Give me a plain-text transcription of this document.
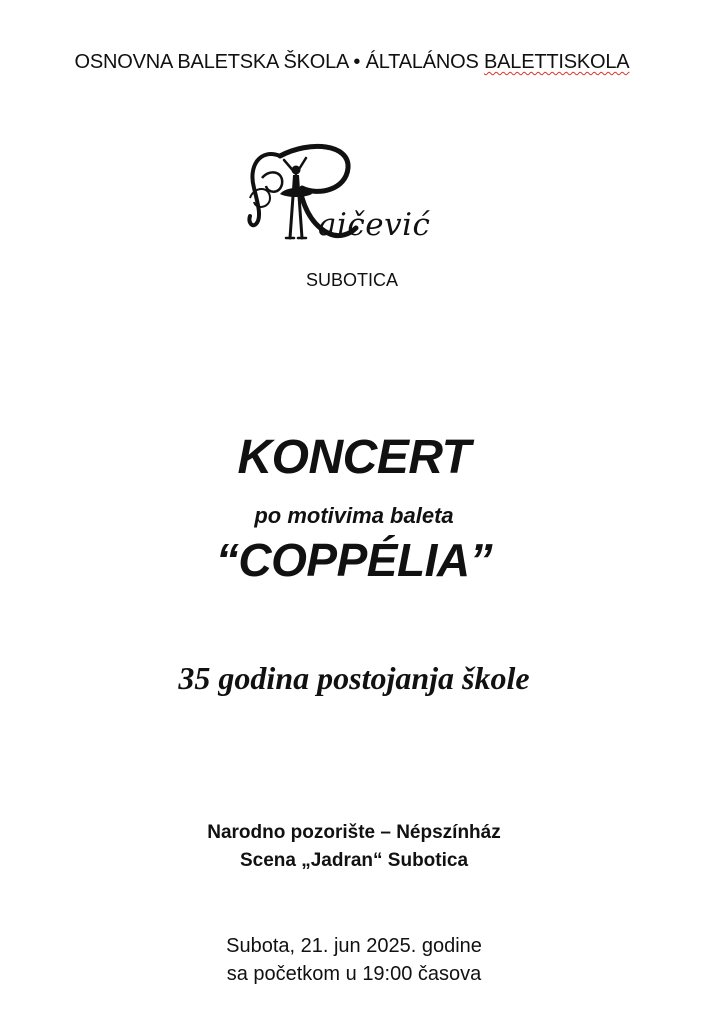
OSNOVNA BALETSKA ŠKOLA • ÁLTALÁNOS BALETTISKOLA
aičević
SUBOTICA
KONCERT
po motivima baleta
“COPPÉLIA”
35 godina postojanja škole
Narodno pozorište – Népszínház
Scena „Jadran“ Subotica
Subota, 21. jun 2025. godine
sa početkom u 19:00 časova
